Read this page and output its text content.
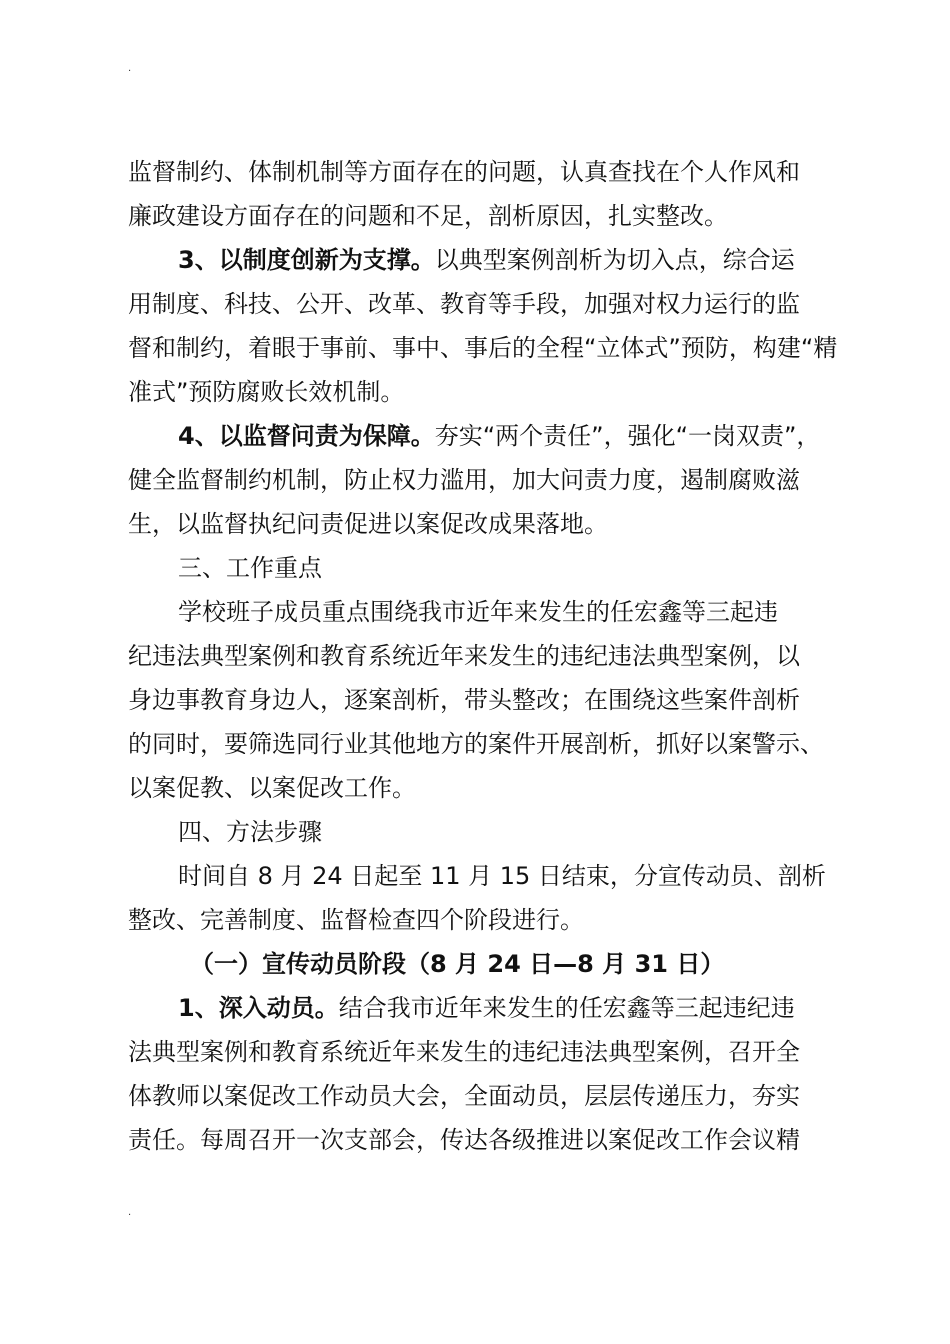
.
监督制约、体制机制等方面存在的问题，认真查找在个人作风和
廉政建设方面存在的问题和不足，剖析原因，扎实整改。
3、以制度创新为支撑。以典型案例剖析为切入点，综合运
用制度、科技、公开、改革、教育等手段，加强对权力运行的监
督和制约，着眼于事前、事中、事后的全程“立体式”预防，构建“精
准式”预防腐败长效机制。
4、以监督问责为保障。夯实“两个责任”，强化“一岗双责”，
健全监督制约机制，防止权力滥用，加大问责力度，遏制腐败滋
生，以监督执纪问责促进以案促改成果落地。
三、工作重点
学校班子成员重点围绕我市近年来发生的任宏鑫等三起违
纪违法典型案例和教育系统近年来发生的违纪违法典型案例，以
身边事教育身边人，逐案剖析，带头整改；在围绕这些案件剖析
的同时，要筛选同行业其他地方的案件开展剖析，抓好以案警示、
以案促教、以案促改工作。
四、方法步骤
时间自 8 月 24 日起至 11 月 15 日结束，分宣传动员、剖析
整改、完善制度、监督检查四个阶段进行。
（一）宣传动员阶段（8 月 24 日—8 月 31 日）
1、深入动员。结合我市近年来发生的任宏鑫等三起违纪违
法典型案例和教育系统近年来发生的违纪违法典型案例，召开全
体教师以案促改工作动员大会，全面动员，层层传递压力，夯实
责任。每周召开一次支部会，传达各级推进以案促改工作会议精
.
